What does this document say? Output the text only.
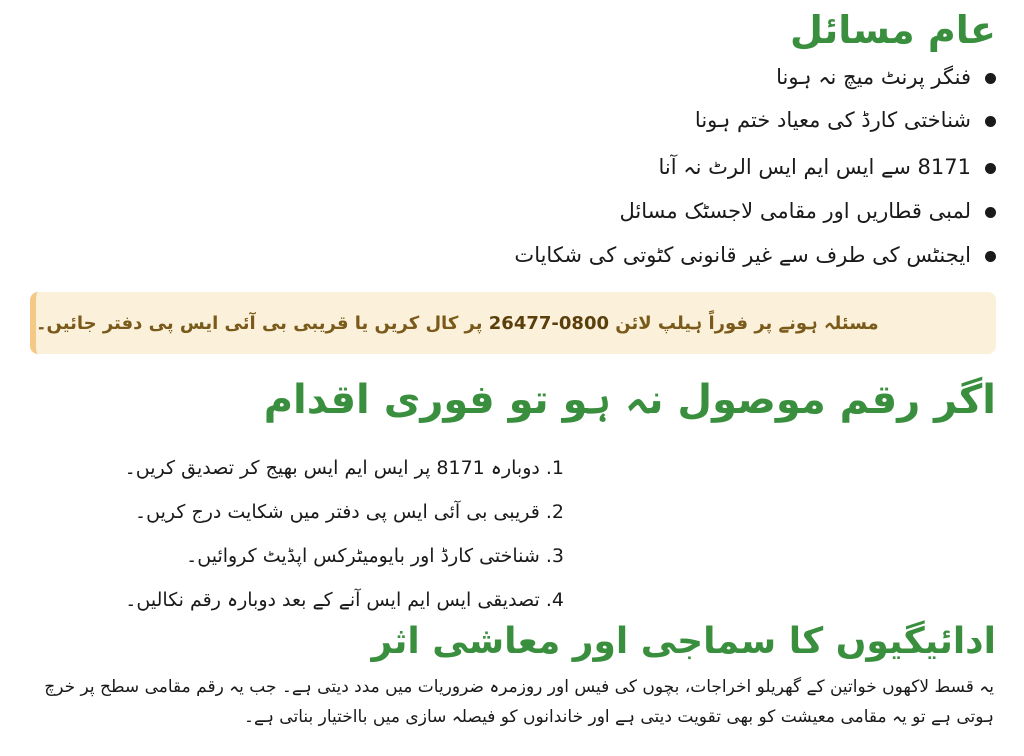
عام مسائل
فنگر پرنٹ میچ نہ ہونا
شناختی کارڈ کی معیاد ختم ہونا
8171 سے ایس ایم ایس الرٹ نہ آنا
لمبی قطاریں اور مقامی لاجسٹک مسائل
ایجنٹس کی طرف سے غیر قانونی کٹوتی کی شکایات
مسئلہ ہونے پر فوراً ہیلپ لائن 0800-26477 پر کال کریں یا قریبی بی آئی ایس پی دفتر جائیں۔
اگر رقم موصول نہ ہو تو فوری اقدام
1. دوبارہ 8171 پر ایس ایم ایس بھیج کر تصدیق کریں۔
2. قریبی بی آئی ایس پی دفتر میں شکایت درج کریں۔
3. شناختی کارڈ اور بایومیٹرکس اپڈیٹ کروائیں۔
4. تصدیقی ایس ایم ایس آنے کے بعد دوبارہ رقم نکالیں۔
ادائیگیوں کا سماجی اور معاشی اثر

یہ قسط لاکھوں خواتین کے گھریلو اخراجات، بچوں کی فیس اور روزمرہ ضروریات میں مدد دیتی ہے۔ جب یہ رقم مقامی سطح پر خرچ ہوتی ہے تو یہ مقامی معیشت کو بھی تقویت دیتی ہے اور خاندانوں کو فیصلہ سازی میں بااختیار بناتی ہے۔
